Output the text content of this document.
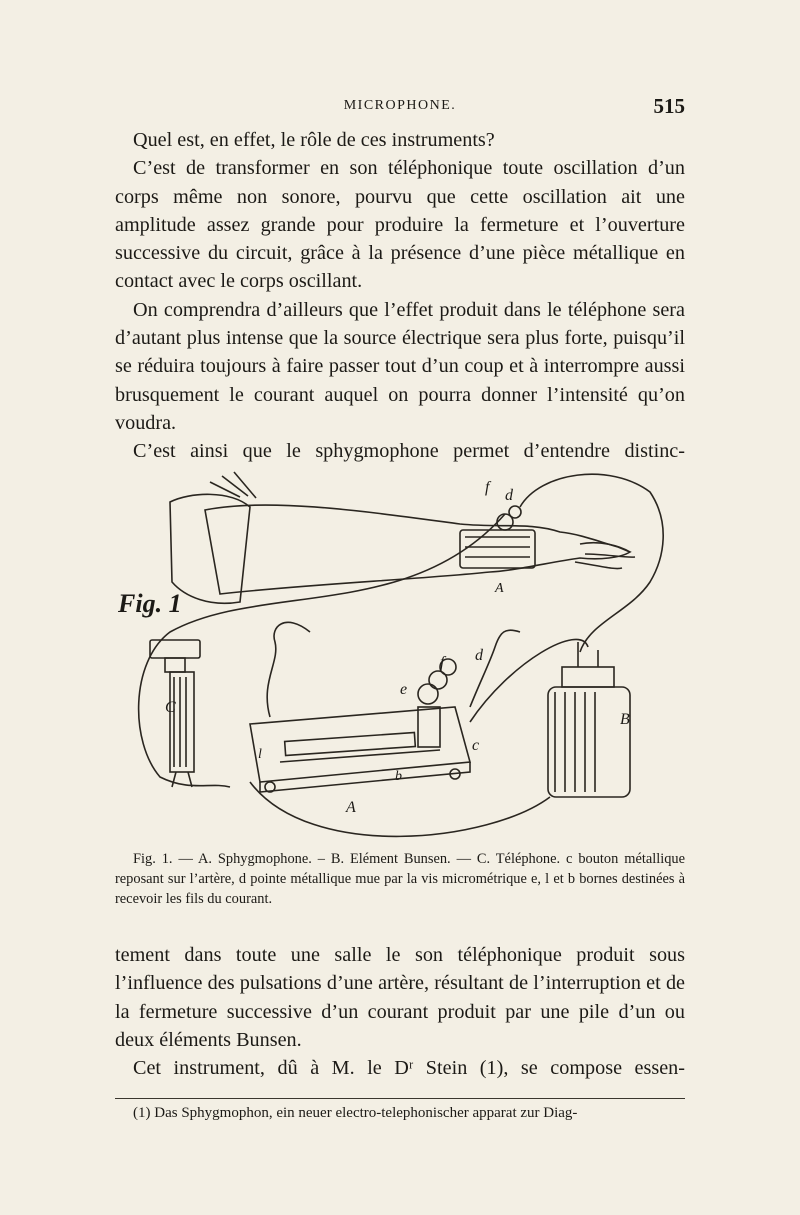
MICROPHONE.	515

Quel est, en effet, le rôle de ces instruments?

C’est de transformer en son téléphonique toute oscillation d’un corps même non sonore, pourvu que cette oscillation ait une amplitude assez grande pour produire la fermeture et l’ouverture successive du circuit, grâce à la présence d’une pièce métallique en contact avec le corps oscillant.

On comprendra d’ailleurs que l’effet produit dans le téléphone sera d’autant plus intense que la source électrique sera plus forte, puisqu’il se réduira toujours à faire passer tout d’un coup et à interrompre aussi brusquement le courant auquel on pourra donner l’intensité qu’on voudra.

C’est ainsi que le sphygmophone permet d’entendre distinc-

f d
A
Fig. 1
C
f d
e
c
l
b
A
B

Fig. 1. — A. Sphygmophone. – B. Elément Bunsen. — C. Téléphone. c bouton métallique reposant sur l’artère, d pointe métallique mue par la vis micrométrique e, l et b bornes destinées à recevoir les fils du courant.

tement dans toute une salle le son téléphonique produit sous l’influence des pulsations d’une artère, résultant de l’interruption et de la fermeture successive d’un courant produit par une pile d’un ou deux éléments Bunsen.

Cet instrument, dû à M. le Dʳ Stein (1), se compose essen-

(1) Das Sphygmophon, ein neuer electro-telephonischer apparat zur Diag-
